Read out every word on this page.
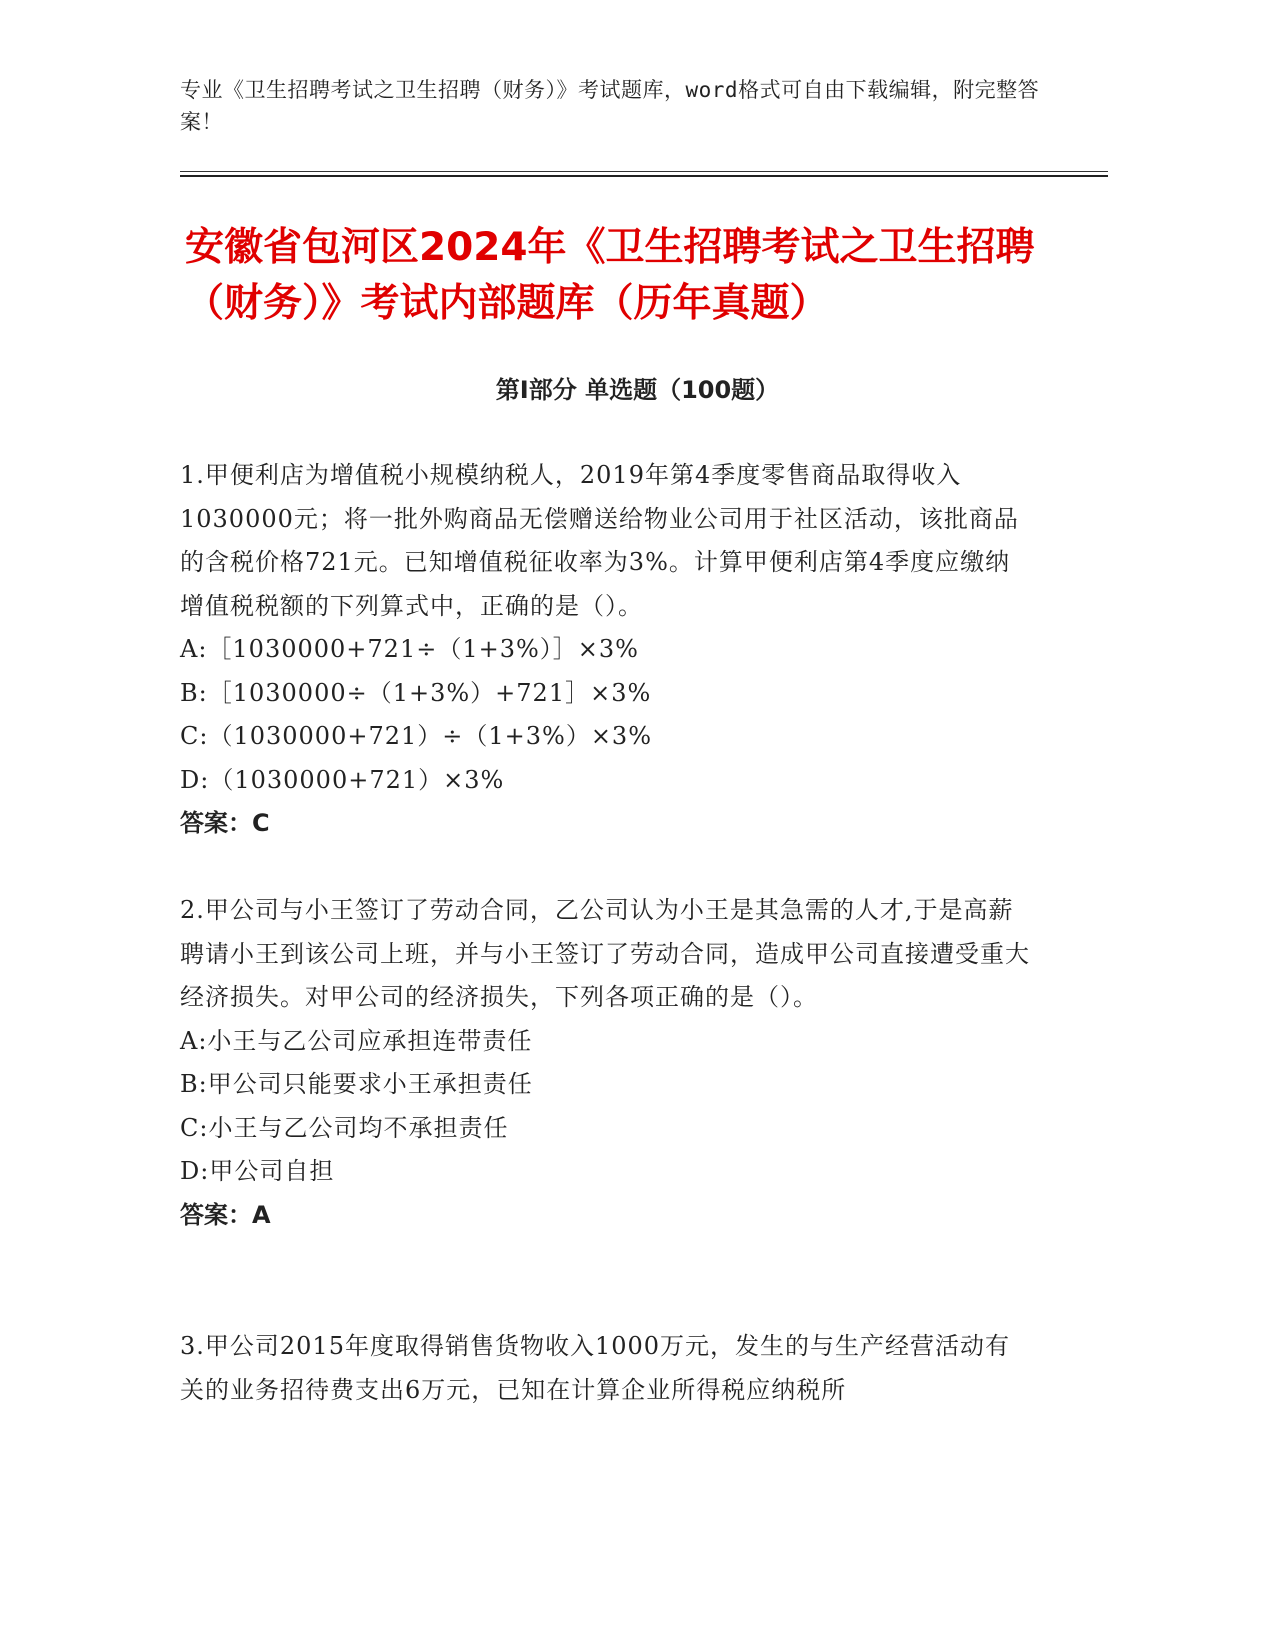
专业《卫生招聘考试之卫生招聘（财务）》考试题库，word格式可自由下载编辑，附完整答案！
安徽省包河区2024年《卫生招聘考试之卫生招聘（财务）》考试内部题库（历年真题）
第Ⅰ部分 单选题（100题）

1.甲便利店为增值税小规模纳税人，2019年第4季度零售商品取得收入1030000元；将一批外购商品无偿赠送给物业公司用于社区活动，该批商品的含税价格721元。已知增值税征收率为3%。计算甲便利店第4季度应缴纳增值税税额的下列算式中，正确的是（）。

A:［1030000+721÷（1+3%）］×3%

B:［1030000÷（1+3%）+721］×3%

C:（1030000+721）÷（1+3%）×3%

D:（1030000+721）×3%

答案：C

2.甲公司与小王签订了劳动合同，乙公司认为小王是其急需的人才,于是高薪聘请小王到该公司上班，并与小王签订了劳动合同，造成甲公司直接遭受重大经济损失。对甲公司的经济损失，下列各项正确的是（）。

A:小王与乙公司应承担连带责任

B:甲公司只能要求小王承担责任

C:小王与乙公司均不承担责任

D:甲公司自担

答案：A

3.甲公司2015年度取得销售货物收入1000万元，发生的与生产经营活动有关的业务招待费支出6万元，已知在计算企业所得税应纳税所
